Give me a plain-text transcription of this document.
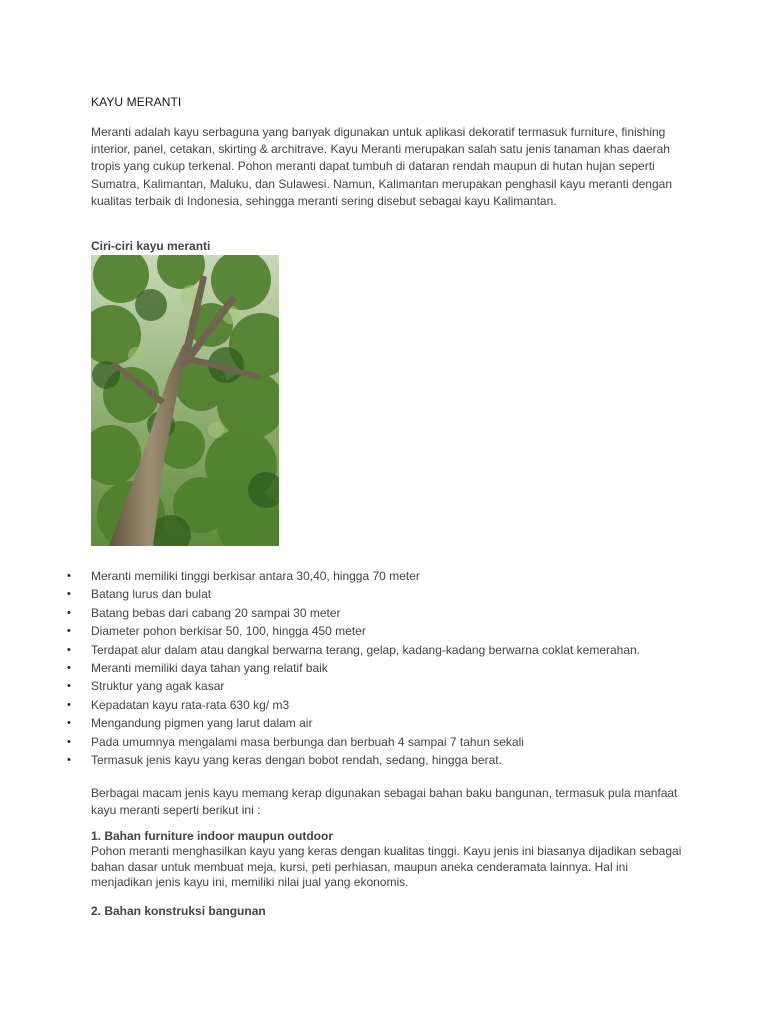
KAYU MERANTI
Meranti adalah kayu serbaguna yang banyak digunakan untuk aplikasi dekoratif termasuk furniture, finishing interior, panel, cetakan, skirting & architrave. Kayu Meranti merupakan salah satu jenis tanaman khas daerah tropis yang cukup terkenal. Pohon meranti dapat tumbuh di dataran rendah maupun di hutan hujan seperti Sumatra, Kalimantan, Maluku, dan Sulawesi. Namun, Kalimantan merupakan penghasil kayu meranti dengan kualitas terbaik di Indonesia, sehingga meranti sering disebut sebagai kayu Kalimantan.
Ciri-ciri kayu meranti
• Meranti memiliki tinggi berkisar antara 30,40, hingga 70 meter
• Batang lurus dan bulat
• Batang bebas dari cabang 20 sampai 30 meter
• Diameter pohon berkisar 50, 100, hingga 450 meter
• Terdapat alur dalam atau dangkal berwarna terang, gelap, kadang-kadang berwarna coklat kemerahan.
• Meranti memiliki daya tahan yang relatif baik
• Struktur yang agak kasar
• Kepadatan kayu rata-rata 630 kg/ m3
• Mengandung pigmen yang larut dalam air
• Pada umumnya mengalami masa berbunga dan berbuah 4 sampai 7 tahun sekali
• Termasuk jenis kayu yang keras dengan bobot rendah, sedang, hingga berat.
Berbagai macam jenis kayu memang kerap digunakan sebagai bahan baku bangunan, termasuk pula manfaat kayu meranti seperti berikut ini :
1. Bahan furniture indoor maupun outdoor
Pohon meranti menghasilkan kayu yang keras dengan kualitas tinggi. Kayu jenis ini biasanya dijadikan sebagai bahan dasar untuk membuat meja, kursi, peti perhiasan, maupun aneka cenderamata lainnya. Hal ini menjadikan jenis kayu ini, memiliki nilai jual yang ekonomis.
2. Bahan konstruksi bangunan
